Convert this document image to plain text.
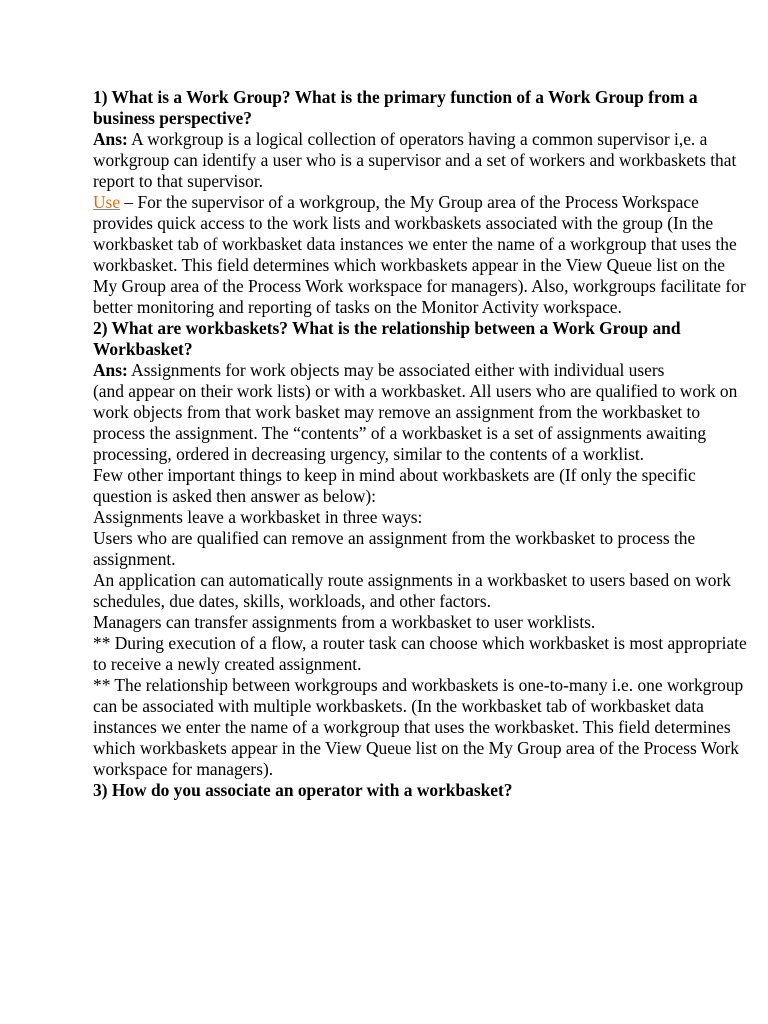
1) What is a Work Group? What is the primary function of a Work Group from a business perspective?

Ans: A workgroup is a logical collection of operators having a common supervisor i,e. a workgroup can identify a user who is a supervisor and a set of workers and workbaskets that report to that supervisor.

Use – For the supervisor of a workgroup, the My Group area of the Process Workspace provides quick access to the work lists and workbaskets associated with the group (In the workbasket tab of workbasket data instances we enter the name of a workgroup that uses the workbasket. This field determines which workbaskets appear in the View Queue list on the My Group area of the Process Work workspace for managers). Also, workgroups facilitate for better monitoring and reporting of tasks on the Monitor Activity workspace.

2) What are workbaskets? What is the relationship between a Work Group and Workbasket?

Ans: Assignments for work objects may be associated either with individual users

(and appear on their work lists) or with a workbasket. All users who are qualified to work on work objects from that work basket may remove an assignment from the workbasket to process the assignment. The “contents” of a workbasket is a set of assignments awaiting processing, ordered in decreasing urgency, similar to the contents of a worklist.

Few other important things to keep in mind about workbaskets are (If only the specific question is asked then answer as below):

Assignments leave a workbasket in three ways:

Users who are qualified can remove an assignment from the workbasket to process the assignment.

An application can automatically route assignments in a workbasket to users based on work schedules, due dates, skills, workloads, and other factors.

Managers can transfer assignments from a workbasket to user worklists.

** During execution of a flow, a router task can choose which workbasket is most appropriate to receive a newly created assignment.

** The relationship between workgroups and workbaskets is one-to-many i.e. one workgroup can be associated with multiple workbaskets. (In the workbasket tab of workbasket data instances we enter the name of a workgroup that uses the workbasket. This field determines which workbaskets appear in the View Queue list on the My Group area of the Process Work workspace for managers).

3) How do you associate an operator with a workbasket?
